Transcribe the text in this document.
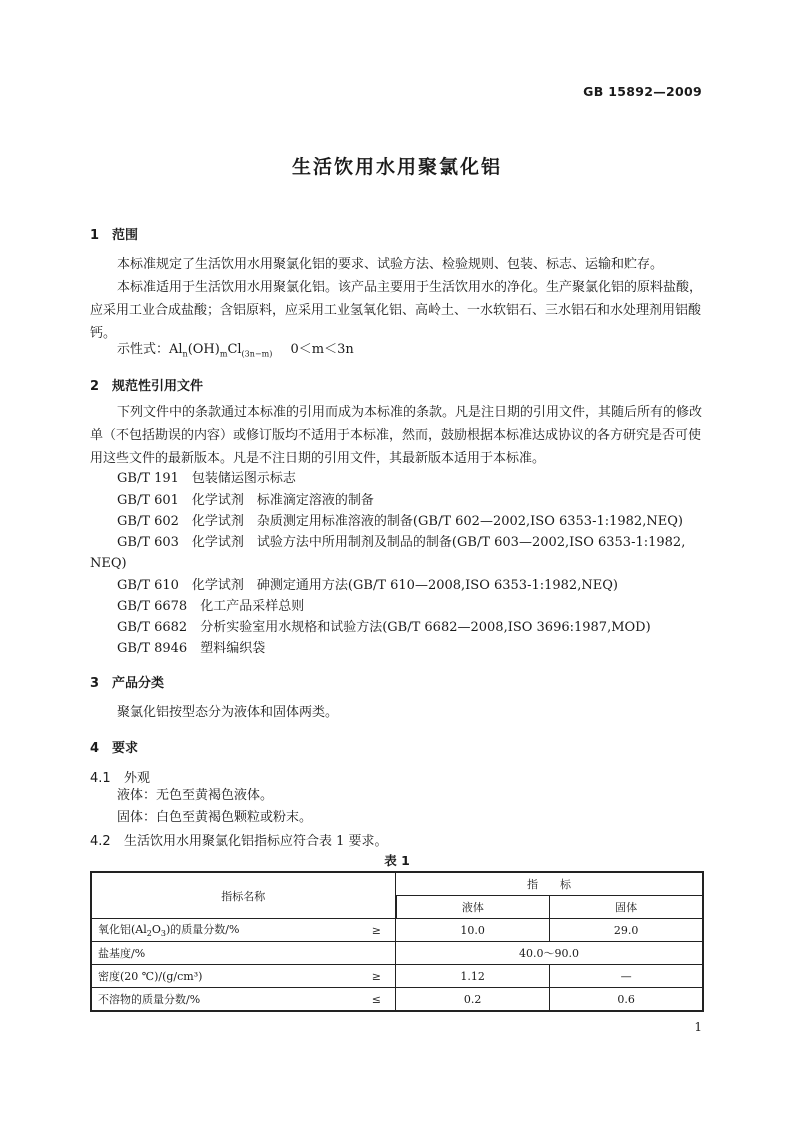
GB 15892—2009
生活饮用水用聚氯化铝
1 范围
本标准规定了生活饮用水用聚氯化铝的要求、试验方法、检验规则、包装、标志、运输和贮存。
本标准适用于生活饮用水用聚氯化铝。该产品主要用于生活饮用水的净化。生产聚氯化铝的原料盐酸，应采用工业合成盐酸；含铝原料，应采用工业氢氧化铝、高岭土、一水软铝石、三水铝石和水处理剂用铝酸钙。
示性式：$Al_n(OH)_mCl_{(3n-m)}$ 0＜m＜3n
2 规范性引用文件
下列文件中的条款通过本标准的引用而成为本标准的条款。凡是注日期的引用文件，其随后所有的修改单（不包括勘误的内容）或修订版均不适用于本标准，然而，鼓励根据本标准达成协议的各方研究是否可使用这些文件的最新版本。凡是不注日期的引用文件，其最新版本适用于本标准。
GB/T 191　包装储运图示标志
GB/T 601　化学试剂　标准滴定溶液的制备
GB/T 602　化学试剂　杂质测定用标准溶液的制备(GB/T 602—2002,ISO 6353-1:1982,NEQ)
GB/T 603　化学试剂　试验方法中所用制剂及制品的制备(GB/T 603—2002,ISO 6353-1:1982,
NEQ)
GB/T 610　化学试剂　砷测定通用方法(GB/T 610—2008,ISO 6353-1:1982,NEQ)
GB/T 6678　化工产品采样总则
GB/T 6682　分析实验室用水规格和试验方法(GB/T 6682—2008,ISO 3696:1987,MOD)
GB/T 8946　塑料编织袋
3 产品分类
聚氯化铝按型态分为液体和固体两类。
4 要求
4.1 外观
液体：无色至黄褐色液体。
固体：白色至黄褐色颗粒或粉末。
4.2 生活饮用水用聚氯化铝指标应符合表 1 要求。
表 1
指标名称		指　　标	
		液体	固体
氧化铝$(Al_2O_3)$的质量分数/%	≥	10.0	29.0
盐基度/%		40.0～90.0	
密度(20 ℃)/(g/cm³)	≥	1.12	—
不溶物的质量分数/%	≤	0.2	0.6
1
